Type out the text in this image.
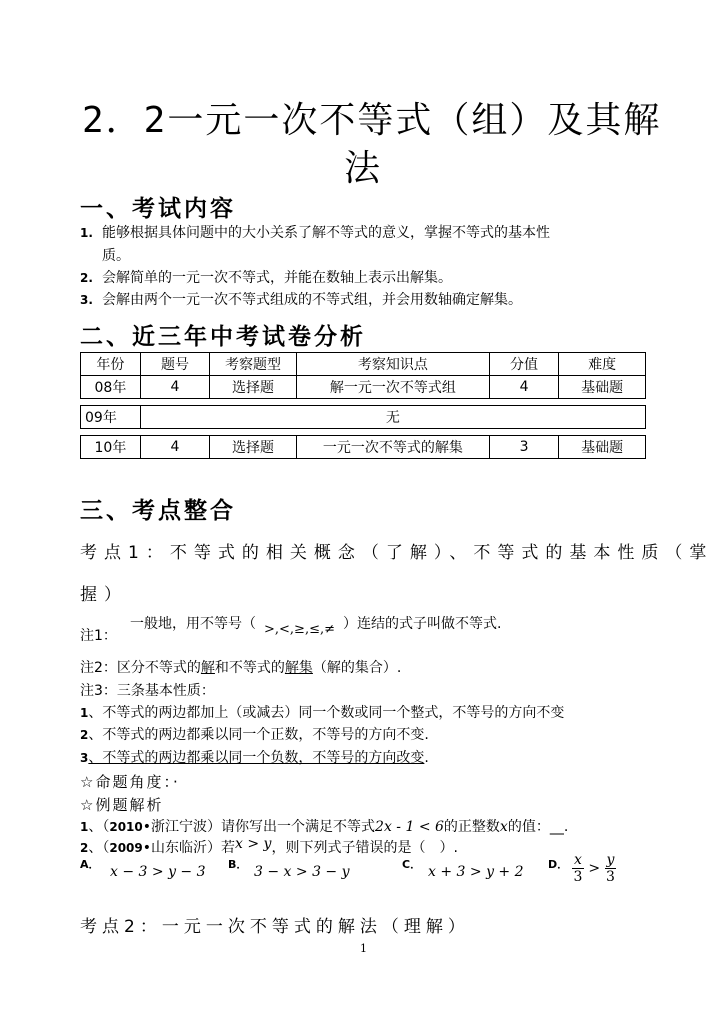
2．2一元一次不等式（组）及其解
法
一、考试内容
1. 能够根据具体问题中的大小关系了解不等式的意义，掌握不等式的基本性
质。
2. 会解简单的一元一次不等式，并能在数轴上表示出解集。
3. 会解由两个一元一次不等式组成的不等式组，并会用数轴确定解集。
二、近三年中考试卷分析
年份	题号	考察题型	考察知识点	分值	难度
08年	4	选择题	解一元一次不等式组	4	基础题

09年	无				

10年	4	选择题	一元一次不等式的解集	3	基础题
三、考点整合
考点1：不等式的相关概念（了解）、不等式的基本性质（掌
握）
注1：
一般地，用不等号（ >,<,≥,≤,≠ ）连结的式子叫做不等式.
注2：区分不等式的解和不等式的解集（解的集合）.
注3：三条基本性质：
1、不等式的两边都加上（或减去）同一个数或同一个整式，不等号的方向不变
2、不等式的两边都乘以同一个正数，不等号的方向不变.
3、不等式的两边都乘以同一个负数，不等号的方向改变.
☆命题角度：·
☆例题解析
1、（2010•浙江宁波）请你写出一个满足不等式2x - 1 < 6的正整数x的值：__.
2、（2009•山东临沂）若x > y，则下列式子错误的是（　）.
A． x − 3 > y − 3 B． 3 − x > 3 − y	C． x + 3 > y + 2 D． $\frac{x}{3} > \frac{y}{3}$
考点2：一元一次不等式的解法（理解）
1
